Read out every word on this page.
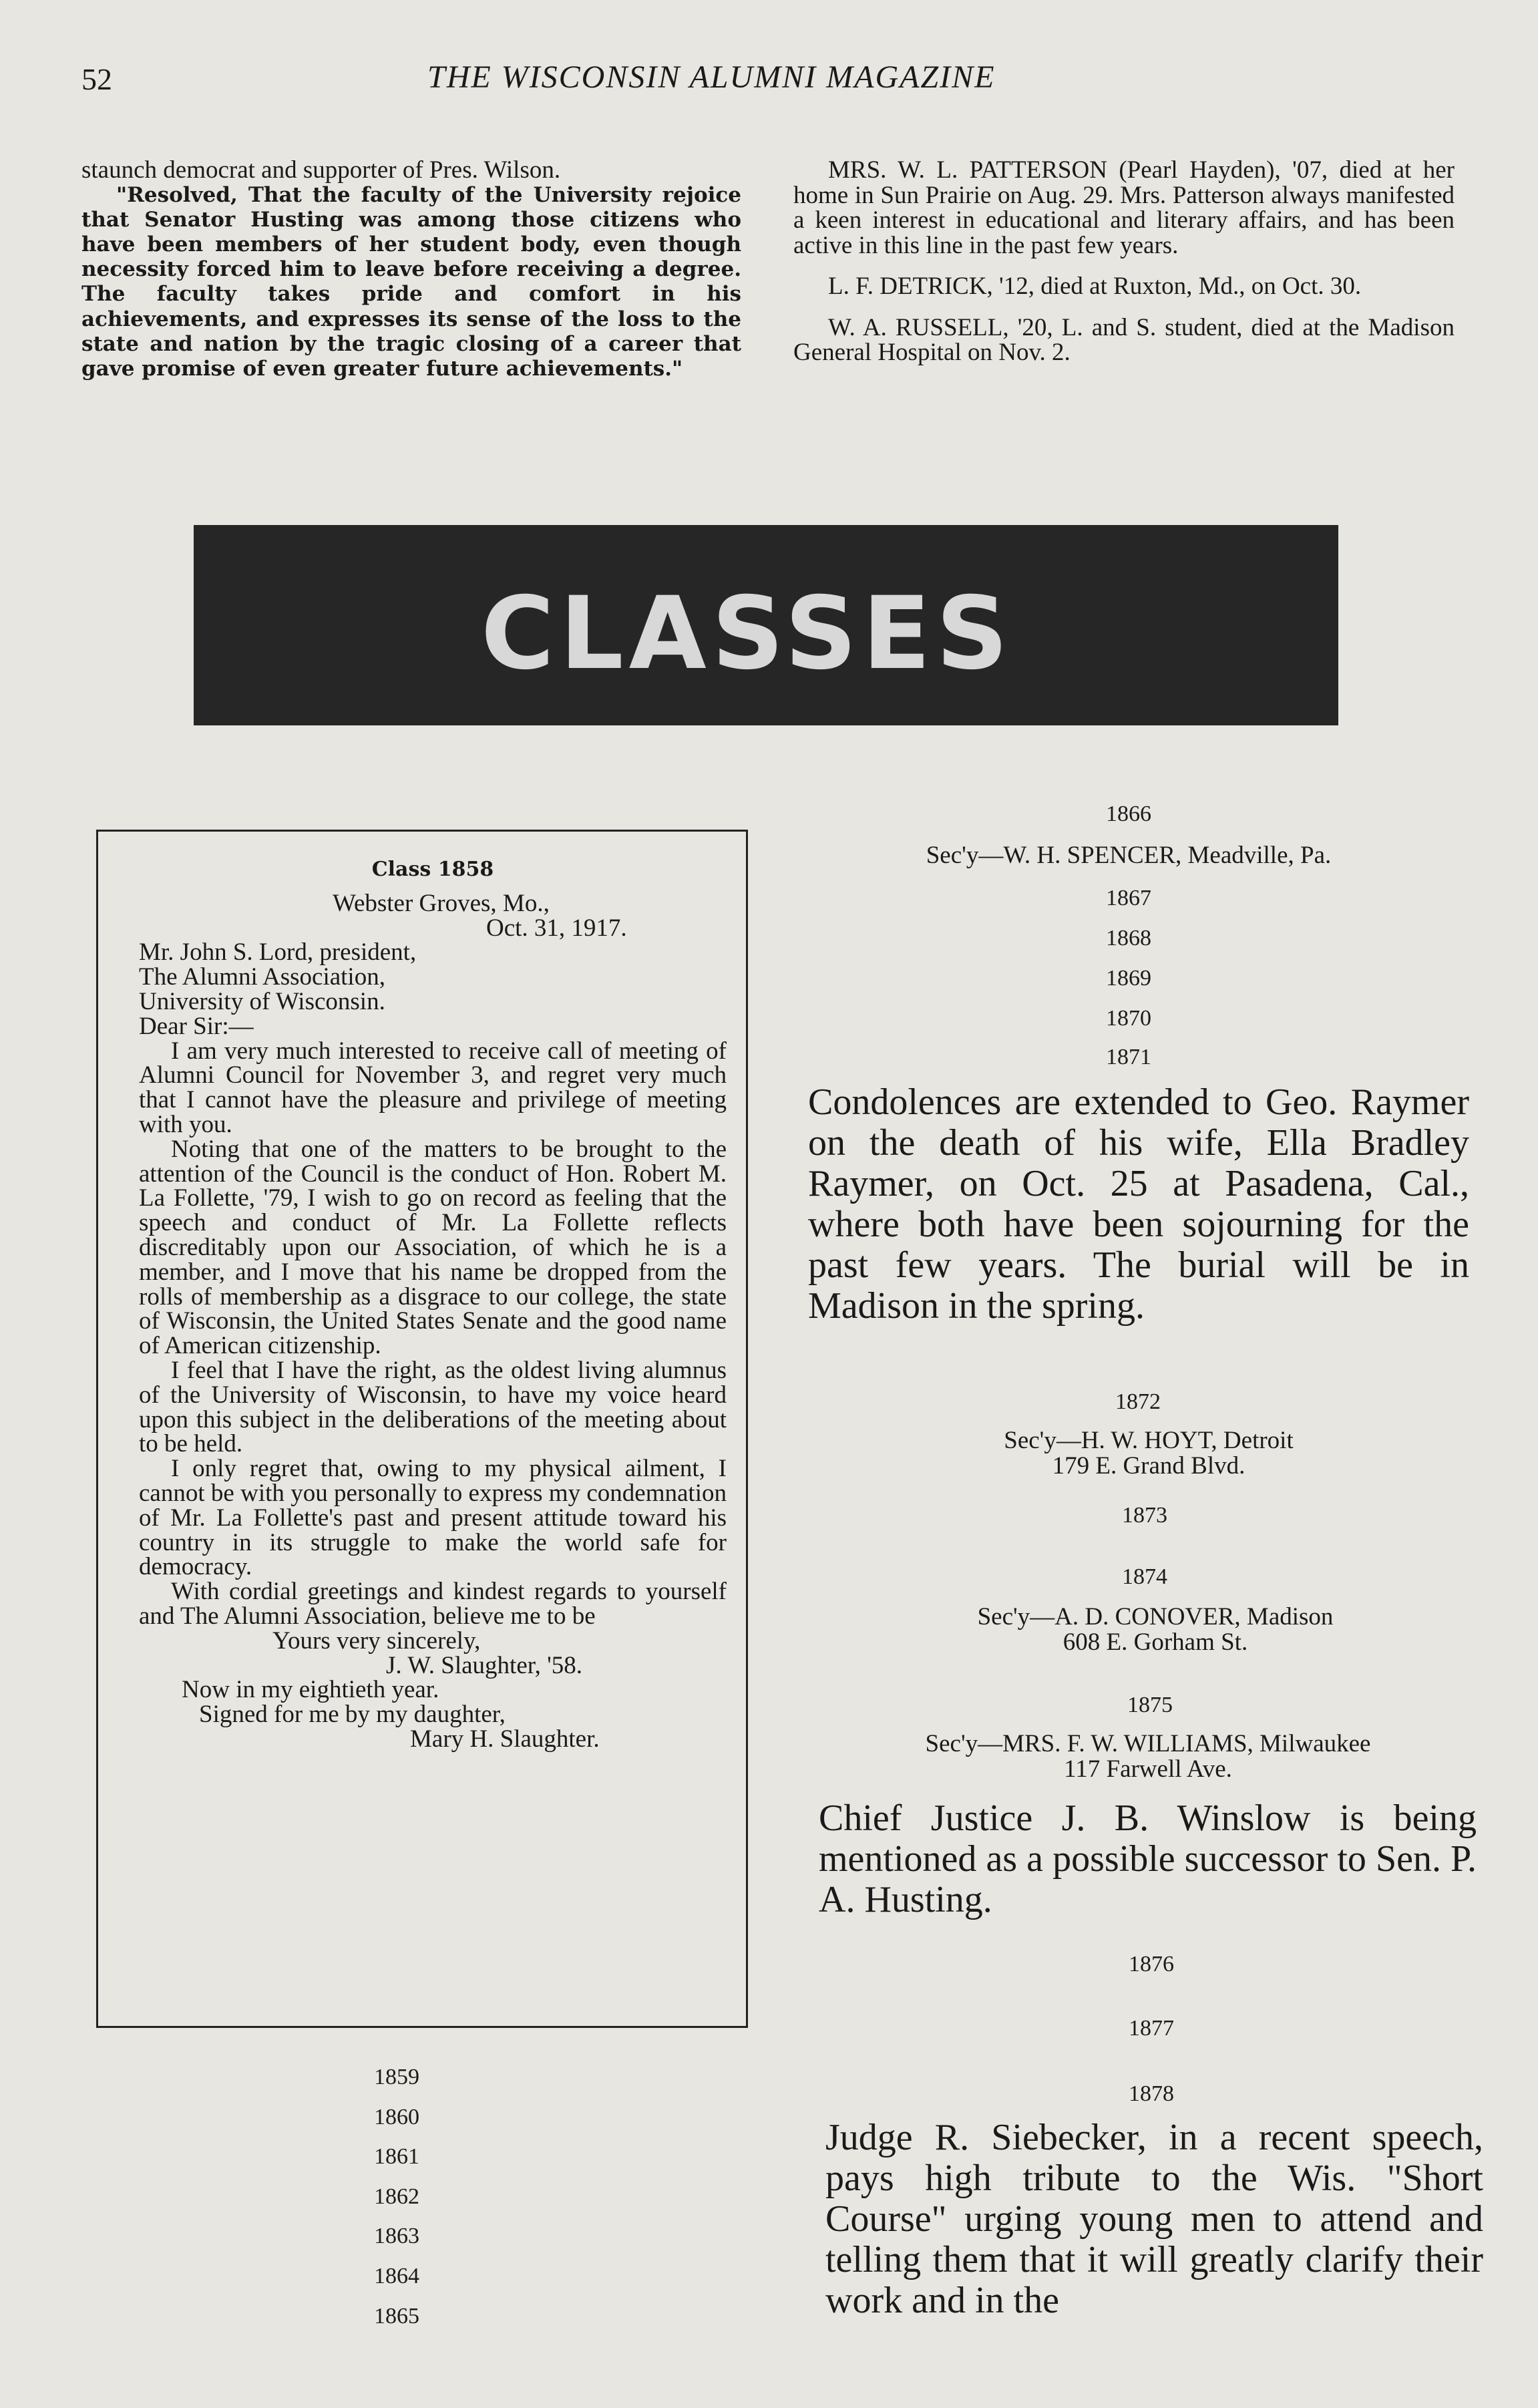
52	THE WISCONSIN ALUMNI MAGAZINE

staunch democrat and supporter of Pres. Wilson.

"Resolved, That the faculty of the University rejoice that Senator Husting was among those citizens who have been members of her student body, even though necessity forced him to leave before receiving a degree. The faculty takes pride and comfort in his achievements, and expresses its sense of the loss to the state and nation by the tragic closing of a career that gave promise of even greater future achievements."

MRS. W. L. PATTERSON (Pearl Hayden), '07, died at her home in Sun Prairie on Aug. 29. Mrs. Patterson always manifested a keen interest in educational and literary affairs, and has been active in this line in the past few years.

L. F. DETRICK, '12, died at Ruxton, Md., on Oct. 30.

W. A. RUSSELL, '20, L. and S. student, died at the Madison General Hospital on Nov. 2.

CLASSES

Class 1858

Webster Groves, Mo.,

Oct. 31, 1917.

Mr. John S. Lord, president,

The Alumni Association,

University of Wisconsin.

Dear Sir:—

I am very much interested to receive call of meeting of Alumni Council for November 3, and regret very much that I cannot have the pleasure and privilege of meeting with you.

Noting that one of the matters to be brought to the attention of the Council is the conduct of Hon. Robert M. La Follette, '79, I wish to go on record as feeling that the speech and conduct of Mr. La Follette reflects discreditably upon our Association, of which he is a member, and I move that his name be dropped from the rolls of membership as a disgrace to our college, the state of Wisconsin, the United States Senate and the good name of American citizenship.

I feel that I have the right, as the oldest living alumnus of the University of Wisconsin, to have my voice heard upon this subject in the deliberations of the meeting about to be held.

I only regret that, owing to my physical ailment, I cannot be with you personally to express my condemnation of Mr. La Follette's past and present attitude toward his country in its struggle to make the world safe for democracy.

With cordial greetings and kindest regards to yourself and The Alumni Association, believe me to be

Yours very sincerely,

J. W. Slaughter, '58.

Now in my eightieth year.

Signed for me by my daughter,

Mary H. Slaughter.

1859
1860
1861
1862
1863
1864
1865
1866
Sec'y—W. H. SPENCER, Meadville, Pa.
1867
1868
1869
1870
1871
Condolences are extended to Geo. Raymer on the death of his wife, Ella Bradley Raymer, on Oct. 25 at Pasadena, Cal., where both have been sojourning for the past few years. The burial will be in Madison in the spring.
1872
Sec'y—H. W. HOYT, Detroit
179 E. Grand Blvd.
1873
1874
Sec'y—A. D. CONOVER, Madison
608 E. Gorham St.
1875
Sec'y—MRS. F. W. WILLIAMS, Milwaukee
117 Farwell Ave.
Chief Justice J. B. Winslow is being mentioned as a possible successor to Sen. P. A. Husting.
1876
1877
1878
Judge R. Siebecker, in a recent speech, pays high tribute to the Wis. "Short Course" urging young men to attend and telling them that it will greatly clarify their work and in the
